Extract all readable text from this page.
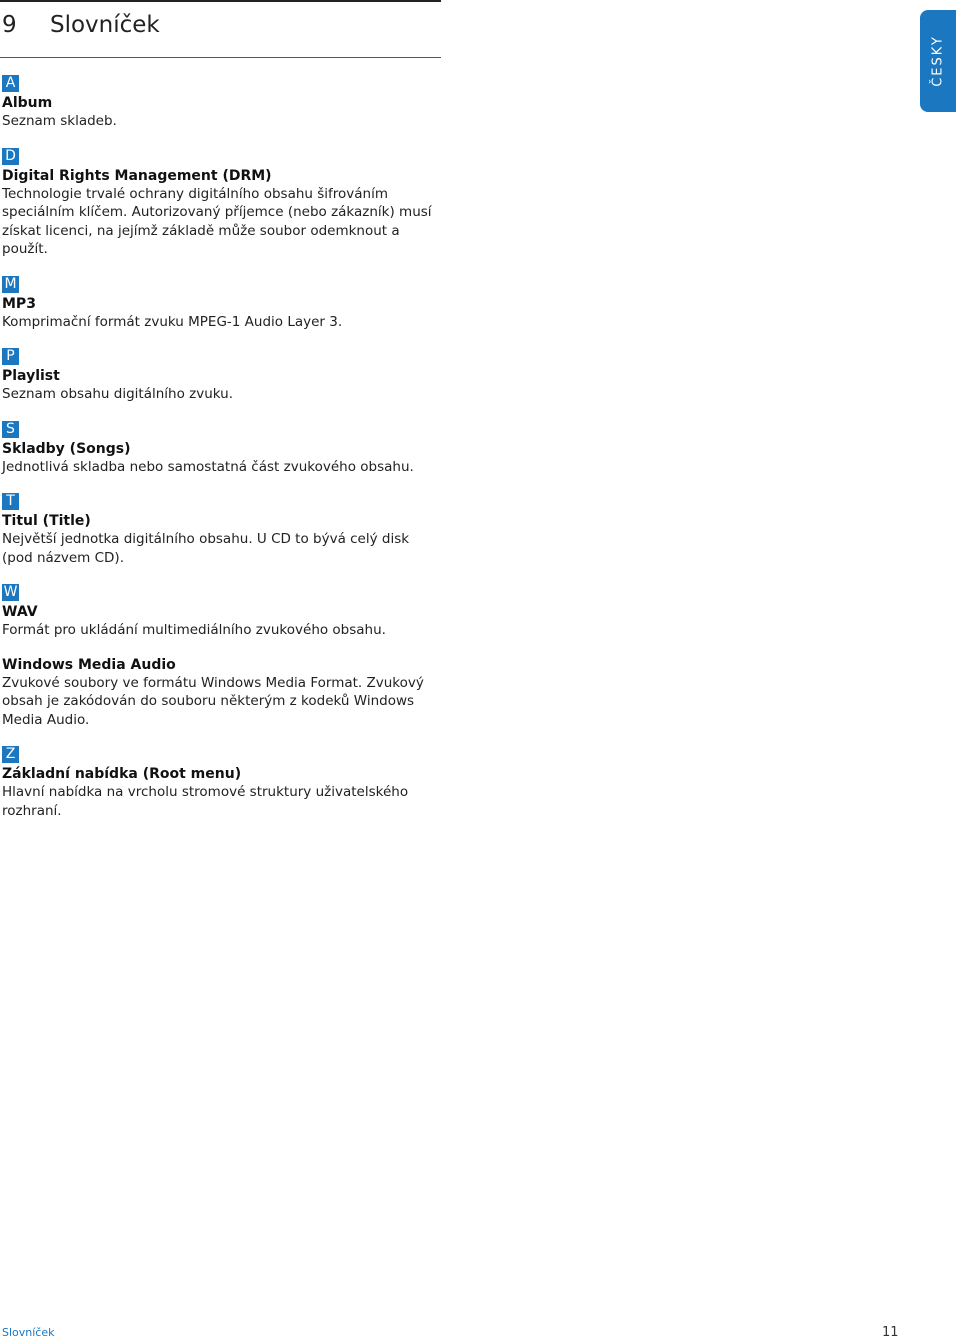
9 Slovníček
ČESKY
A

Album

Seznam skladeb.

D

Digital Rights Management (DRM)

Technologie trvalé ochrany digitálního obsahu šifrováním speciálním klíčem. Autorizovaný příjemce (nebo zákazník) musí získat licenci, na jejímž základě může soubor odemknout a použít.

M

MP3

Komprimační formát zvuku MPEG-1 Audio Layer 3.

P

Playlist

Seznam obsahu digitálního zvuku.

S

Skladby (Songs)

Jednotlivá skladba nebo samostatná část zvukového obsahu.

T

Titul (Title)

Největší jednotka digitálního obsahu. U CD to bývá celý disk (pod názvem CD).

W

WAV

Formát pro ukládání multimediálního zvukového obsahu.

Windows Media Audio

Zvukové soubory ve formátu Windows Media Format. Zvukový obsah je zakódován do souboru některým z kodeků Windows Media Audio.

Z

Základní nabídka (Root menu)

Hlavní nabídka na vrcholu stromové struktury uživatelského rozhraní.

Slovníček	11
